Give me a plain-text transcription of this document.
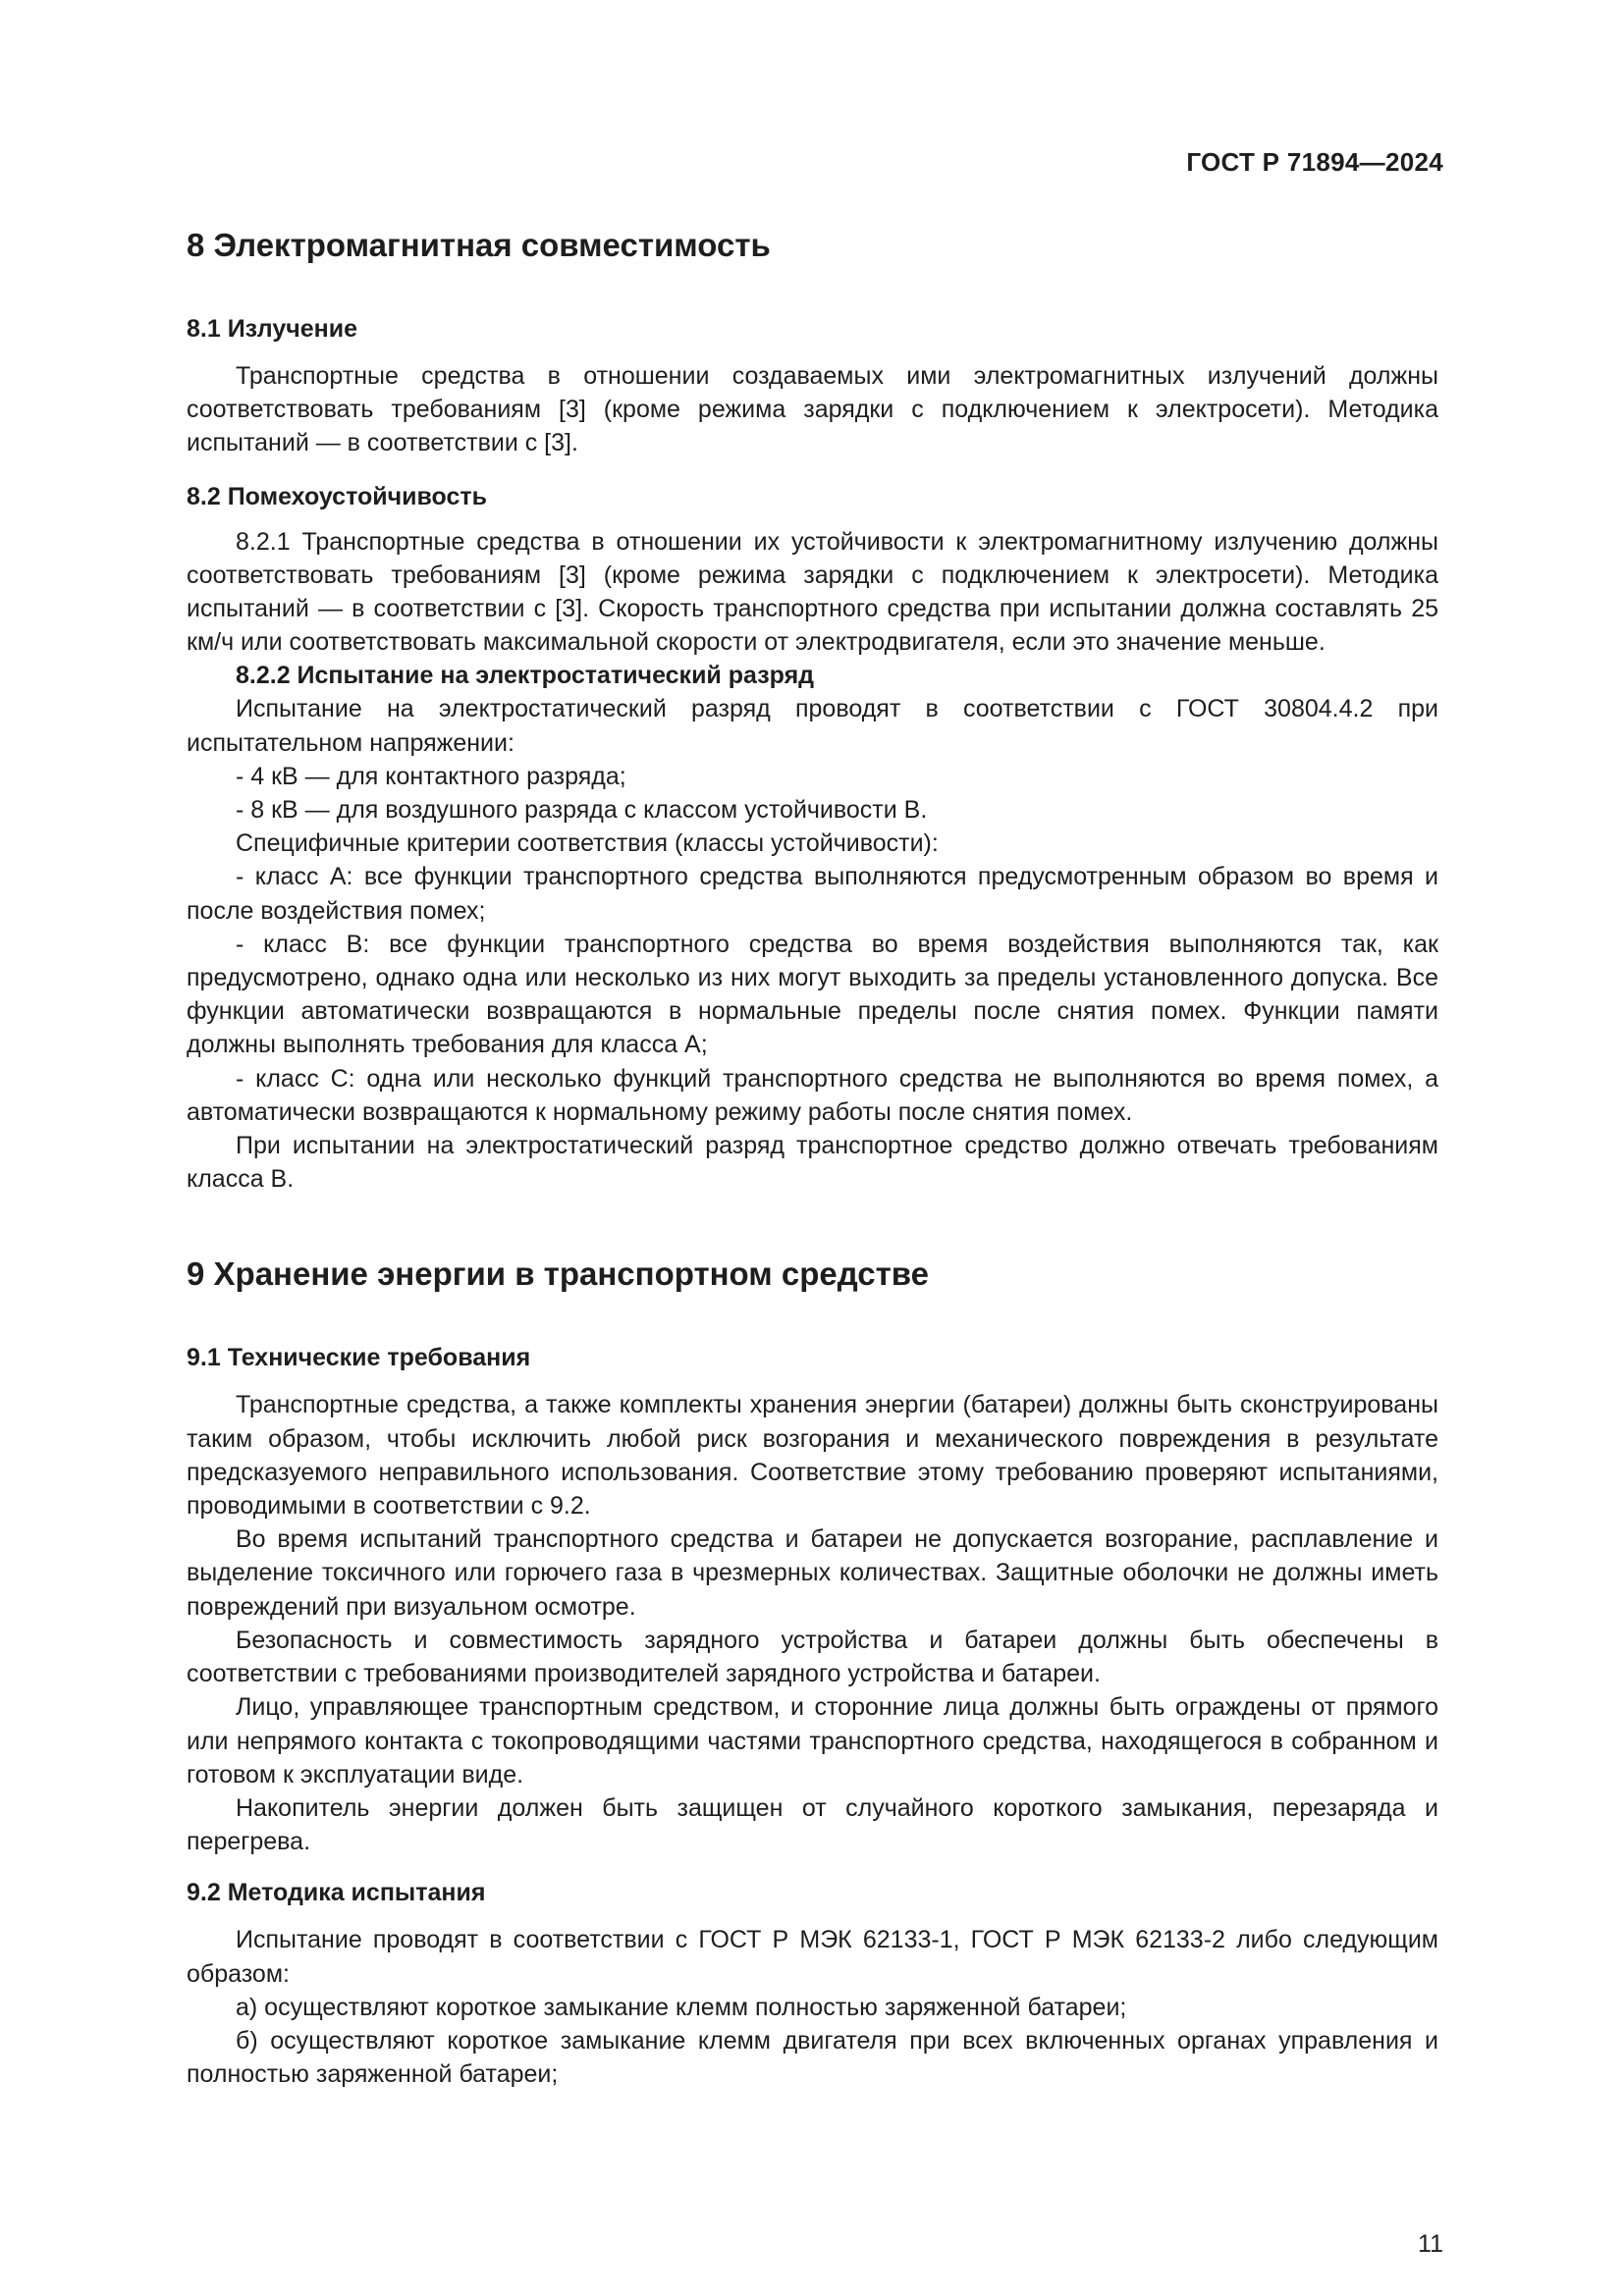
ГОСТ Р 71894—2024
8 Электромагнитная совместимость
8.1 Излучение

Транспортные средства в отношении создаваемых ими электромагнитных излучений должны соответствовать требованиям [3] (кроме режима зарядки с подключением к электросети). Методика испытаний — в соответствии с [3].

8.2 Помехоустойчивость

8.2.1 Транспортные средства в отношении их устойчивости к электромагнитному излучению должны соответствовать требованиям [3] (кроме режима зарядки с подключением к электросети). Методика испытаний — в соответствии с [3]. Скорость транспортного средства при испытании должна составлять 25 км/ч или соответствовать максимальной скорости от электродвигателя, если это значение меньше.

8.2.2 Испытание на электростатический разряд

Испытание на электростатический разряд проводят в соответствии с ГОСТ 30804.4.2 при испытательном напряжении:

- 4 кВ — для контактного разряда;

- 8 кВ — для воздушного разряда с классом устойчивости В.

Специфичные критерии соответствия (классы устойчивости):

- класс А: все функции транспортного средства выполняются предусмотренным образом во время и после воздействия помех;

- класс В: все функции транспортного средства во время воздействия выполняются так, как предусмотрено, однако одна или несколько из них могут выходить за пределы установленного допуска. Все функции автоматически возвращаются в нормальные пределы после снятия помех. Функции памяти должны выполнять требования для класса А;

- класс С: одна или несколько функций транспортного средства не выполняются во время помех, а автоматически возвращаются к нормальному режиму работы после снятия помех.

При испытании на электростатический разряд транспортное средство должно отвечать требованиям класса В.

9 Хранение энергии в транспортном средстве
9.1 Технические требования

Транспортные средства, а также комплекты хранения энергии (батареи) должны быть сконструированы таким образом, чтобы исключить любой риск возгорания и механического повреждения в результате предсказуемого неправильного использования. Соответствие этому требованию проверяют испытаниями, проводимыми в соответствии с 9.2.

Во время испытаний транспортного средства и батареи не допускается возгорание, расплавление и выделение токсичного или горючего газа в чрезмерных количествах. Защитные оболочки не должны иметь повреждений при визуальном осмотре.

Безопасность и совместимость зарядного устройства и батареи должны быть обеспечены в соответствии с требованиями производителей зарядного устройства и батареи.

Лицо, управляющее транспортным средством, и сторонние лица должны быть ограждены от прямого или непрямого контакта с токопроводящими частями транспортного средства, находящегося в собранном и готовом к эксплуатации виде.

Накопитель энергии должен быть защищен от случайного короткого замыкания, перезаряда и перегрева.

9.2 Методика испытания

Испытание проводят в соответствии с ГОСТ Р МЭК 62133-1, ГОСТ Р МЭК 62133-2 либо следующим образом:

а) осуществляют короткое замыкание клемм полностью заряженной батареи;

б) осуществляют короткое замыкание клемм двигателя при всех включенных органах управления и полностью заряженной батареи;

11
